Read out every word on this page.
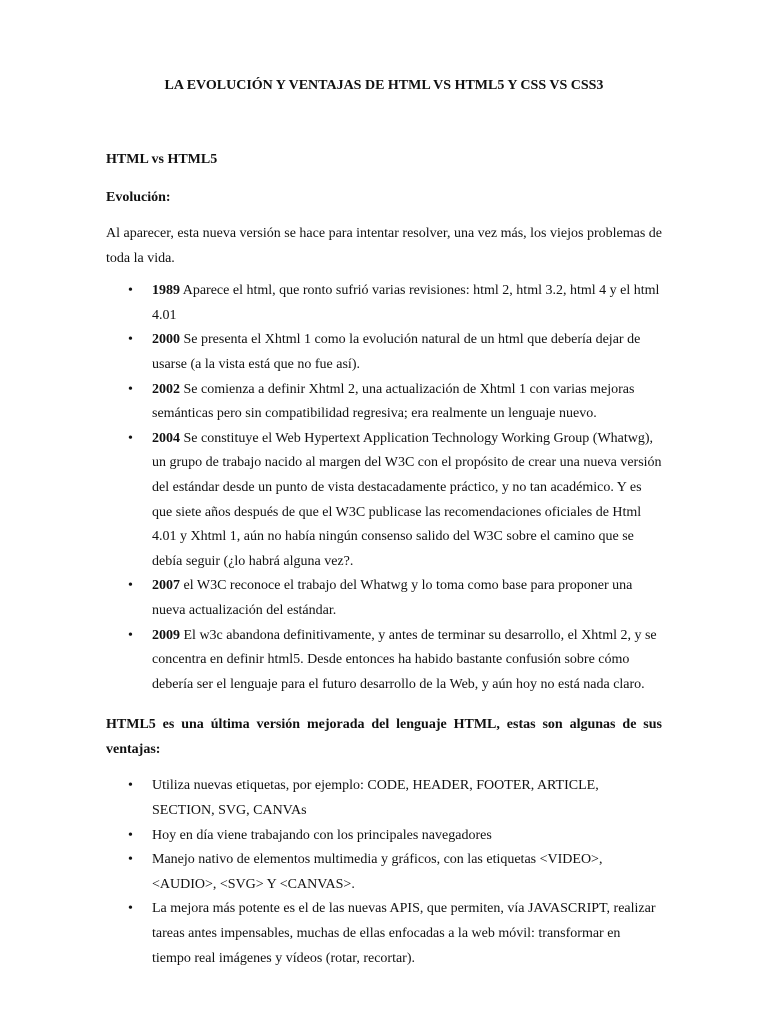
LA EVOLUCIÓN Y VENTAJAS DE HTML VS HTML5 Y CSS VS CSS3
HTML vs HTML5
Evolución:

Al aparecer, esta nueva versión se hace para intentar resolver, una vez más, los viejos problemas de toda la vida.

• 1989 Aparece el html, que ronto sufrió varias revisiones: html 2, html 3.2, html 4 y el html 4.01
• 2000 Se presenta el Xhtml 1 como la evolución natural de un html que debería dejar de usarse (a la vista está que no fue así).
• 2002 Se comienza a definir Xhtml 2, una actualización de Xhtml 1 con varias mejoras semánticas pero sin compatibilidad regresiva; era realmente un lenguaje nuevo.
• 2004 Se constituye el Web Hypertext Application Technology Working Group (Whatwg), un grupo de trabajo nacido al margen del W3C con el propósito de crear una nueva versión del estándar desde un punto de vista destacadamente práctico, y no tan académico. Y es que siete años después de que el W3C publicase las recomendaciones oficiales de Html 4.01 y Xhtml 1, aún no había ningún consenso salido del W3C sobre el camino que se debía seguir (¿lo habrá alguna vez?.
• 2007 el W3C reconoce el trabajo del Whatwg y lo toma como base para proponer una nueva actualización del estándar.
• 2009 El w3c abandona definitivamente, y antes de terminar su desarrollo, el Xhtml 2, y se concentra en definir html5. Desde entonces ha habido bastante confusión sobre cómo debería ser el lenguaje para el futuro desarrollo de la Web, y aún hoy no está nada claro.

HTML5 es una última versión mejorada del lenguaje HTML, estas son algunas de sus ventajas:

• Utiliza nuevas etiquetas, por ejemplo: CODE, HEADER, FOOTER, ARTICLE, SECTION, SVG, CANVAs
• Hoy en día viene trabajando con los principales navegadores
• Manejo nativo de elementos multimedia y gráficos, con las etiquetas <VIDEO>, <AUDIO>, <SVG> Y <CANVAS>.
• La mejora más potente es el de las nuevas APIS, que permiten, vía JAVASCRIPT, realizar tareas antes impensables, muchas de ellas enfocadas a la web móvil: transformar en tiempo real imágenes y vídeos (rotar, recortar).
